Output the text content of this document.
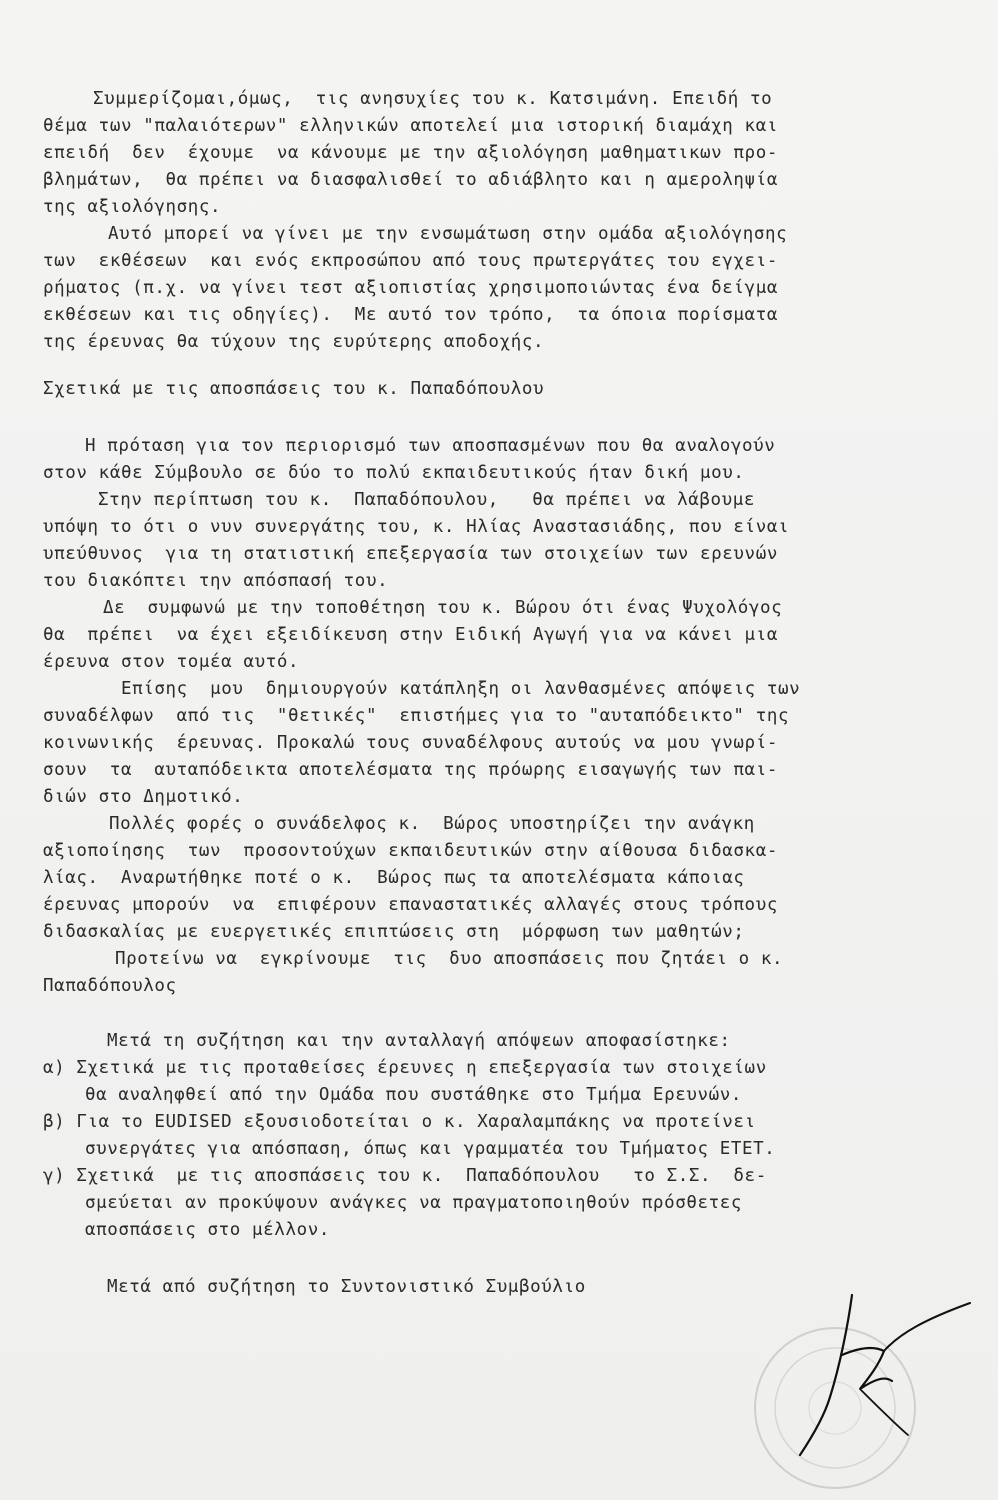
Συμμερίζομαι,όμως,  τις ανησυχίες του κ. Κατσιμάνη. Επειδή το
θέμα των "παλαιότερων" ελληνικών αποτελεί μια ιστορική διαμάχη και
επειδή  δεν  έχουμε  να κάνουμε με την αξιολόγηση μαθηματικων προ-
βλημάτων,  θα πρέπει να διασφαλισθεί το αδιάβλητο και η αμεροληψία
της αξιολόγησης.
Αυτό μπορεί να γίνει με την ενσωμάτωση στην ομάδα αξιολόγησης
των  εκθέσεων  και ενός εκπροσώπου από τους πρωτεργάτες του εγχει-
ρήματος (π.χ. να γίνει τεστ αξιοπιστίας χρησιμοποιώντας ένα δείγμα
εκθέσεων και τις οδηγίες).  Με αυτό τον τρόπο,  τα όποια πορίσματα
της έρευνας θα τύχουν της ευρύτερης αποδοχής.
Σχετικά με τις αποσπάσεις του κ. Παπαδόπουλου
Η πρόταση για τον περιορισμό των αποσπασμένων που θα αναλογούν
στον κάθε Σύμβουλο σε δύο το πολύ εκπαιδευτικούς ήταν δική μου.
Στην περίπτωση του κ.  Παπαδόπουλου,   θα πρέπει να λάβουμε
υπόψη το ότι ο νυν συνεργάτης του, κ. Ηλίας Αναστασιάδης, που είναι
υπεύθυνος  για τη στατιστική επεξεργασία των στοιχείων των ερευνών
του διακόπτει την απόσπασή του.
Δε  συμφωνώ με την τοποθέτηση του κ. Βώρου ότι ένας Ψυχολόγος
θα  πρέπει  να έχει εξειδίκευση στην Ειδική Αγωγή για να κάνει μια
έρευνα στον τομέα αυτό.
Επίσης  μου  δημιουργούν κατάπληξη οι λανθασμένες απόψεις των
συναδέλφων  από τις  "θετικές"  επιστήμες για το "αυταπόδεικτο" της
κοινωνικής  έρευνας. Προκαλώ τους συναδέλφους αυτούς να μου γνωρί-
σουν  τα  αυταπόδεικτα αποτελέσματα της πρόωρης εισαγωγής των παι-
διών στο Δημοτικό.
Πολλές φορές ο συνάδελφος κ.  Βώρος υποστηρίζει την ανάγκη
αξιοποίησης  των  προσοντούχων εκπαιδευτικών στην αίθουσα διδασκα-
λίας.  Αναρωτήθηκε ποτέ ο κ.  Βώρος πως τα αποτελέσματα κάποιας
έρευνας μπορούν  να  επιφέρουν επαναστατικές αλλαγές στους τρόπους
διδασκαλίας με ευεργετικές επιπτώσεις στη  μόρφωση των μαθητών;
Προτείνω να  εγκρίνουμε  τις  δυο αποσπάσεις που ζητάει ο κ.
Παπαδόπουλος
Μετά τη συζήτηση και την ανταλλαγή απόψεων αποφασίστηκε:
α) Σχετικά με τις προταθείσες έρευνες η επεξεργασία των στοιχείων
θα αναληφθεί από την Ομάδα που συστάθηκε στο Τμήμα Ερευνών.
β) Για το EUDISED εξουσιοδοτείται ο κ. Χαραλαμπάκης να προτείνει
συνεργάτες για απόσπαση, όπως και γραμματέα του Τμήματος ΕΤΕΤ.
γ) Σχετικά  με τις αποσπάσεις του κ.  Παπαδόπουλου   το Σ.Σ.  δε-
σμεύεται αν προκύψουν ανάγκες να πραγματοποιηθούν πρόσθετες
αποσπάσεις στο μέλλον.
Μετά από συζήτηση το Συντονιστικό Συμβούλιο
